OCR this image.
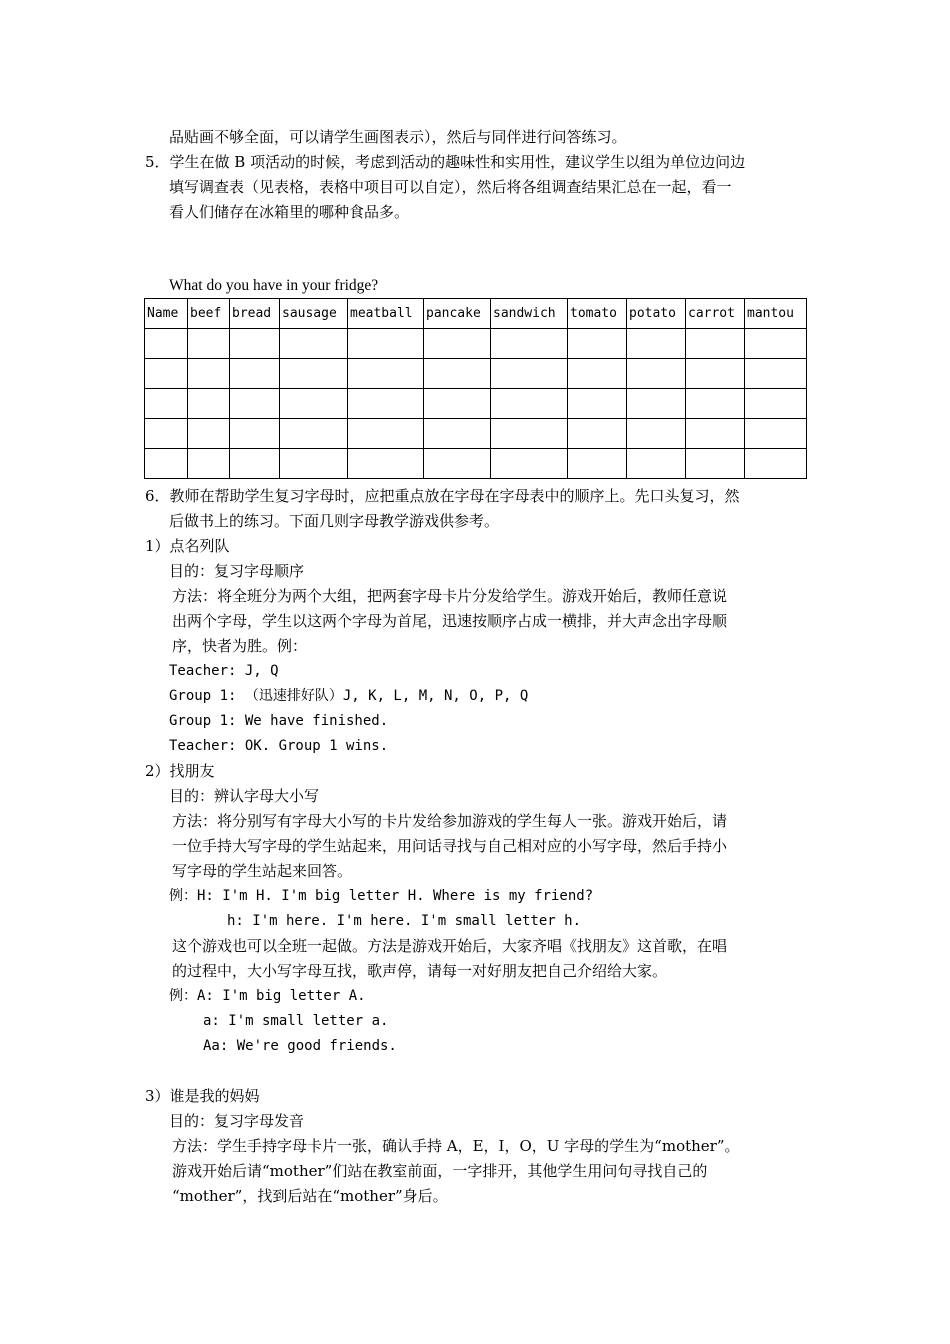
品贴画不够全面，可以请学生画图表示），然后与同伴进行问答练习。
5．学生在做 B 项活动的时候，考虑到活动的趣味性和实用性，建议学生以组为单位边问边
填写调查表（见表格，表格中项目可以自定），然后将各组调查结果汇总在一起，看一
看人们储存在冰箱里的哪种食品多。
What do you have in your fridge?
Name	beef	bread	sausage	meatball	pancake	sandwich	tomato	potato	carrot	mantou

6．教师在帮助学生复习字母时，应把重点放在字母在字母表中的顺序上。先口头复习，然
后做书上的练习。下面几则字母教学游戏供参考。
1）点名列队
目的：复习字母顺序
方法：将全班分为两个大组，把两套字母卡片分发给学生。游戏开始后，教师任意说
出两个字母，学生以这两个字母为首尾，迅速按顺序占成一横排，并大声念出字母顺
序，快者为胜。例：
Teacher: J, Q
Group 1: （迅速排好队）J, K, L, M, N, O, P, Q
Group 1: We have finished.
Teacher: OK. Group 1 wins.
2）找朋友
目的：辨认字母大小写
方法：将分别写有字母大小写的卡片发给参加游戏的学生每人一张。游戏开始后，请
一位手持大写字母的学生站起来，用问话寻找与自己相对应的小写字母，然后手持小
写字母的学生站起来回答。
例：H: I'm H. I'm big letter H. Where is my friend?
h: I'm here. I'm here. I'm small letter h.
这个游戏也可以全班一起做。方法是游戏开始后，大家齐唱《找朋友》这首歌，在唱
的过程中，大小写字母互找，歌声停，请每一对好朋友把自己介绍给大家。
例：A: I'm big letter A.
a: I'm small letter a.
Aa: We're good friends.
3）谁是我的妈妈
目的：复习字母发音
方法：学生手持字母卡片一张，确认手持 A，E，I，O，U 字母的学生为“mother”。
游戏开始后请“mother”们站在教室前面，一字排开，其他学生用问句寻找自己的
“mother”，找到后站在“mother”身后。
